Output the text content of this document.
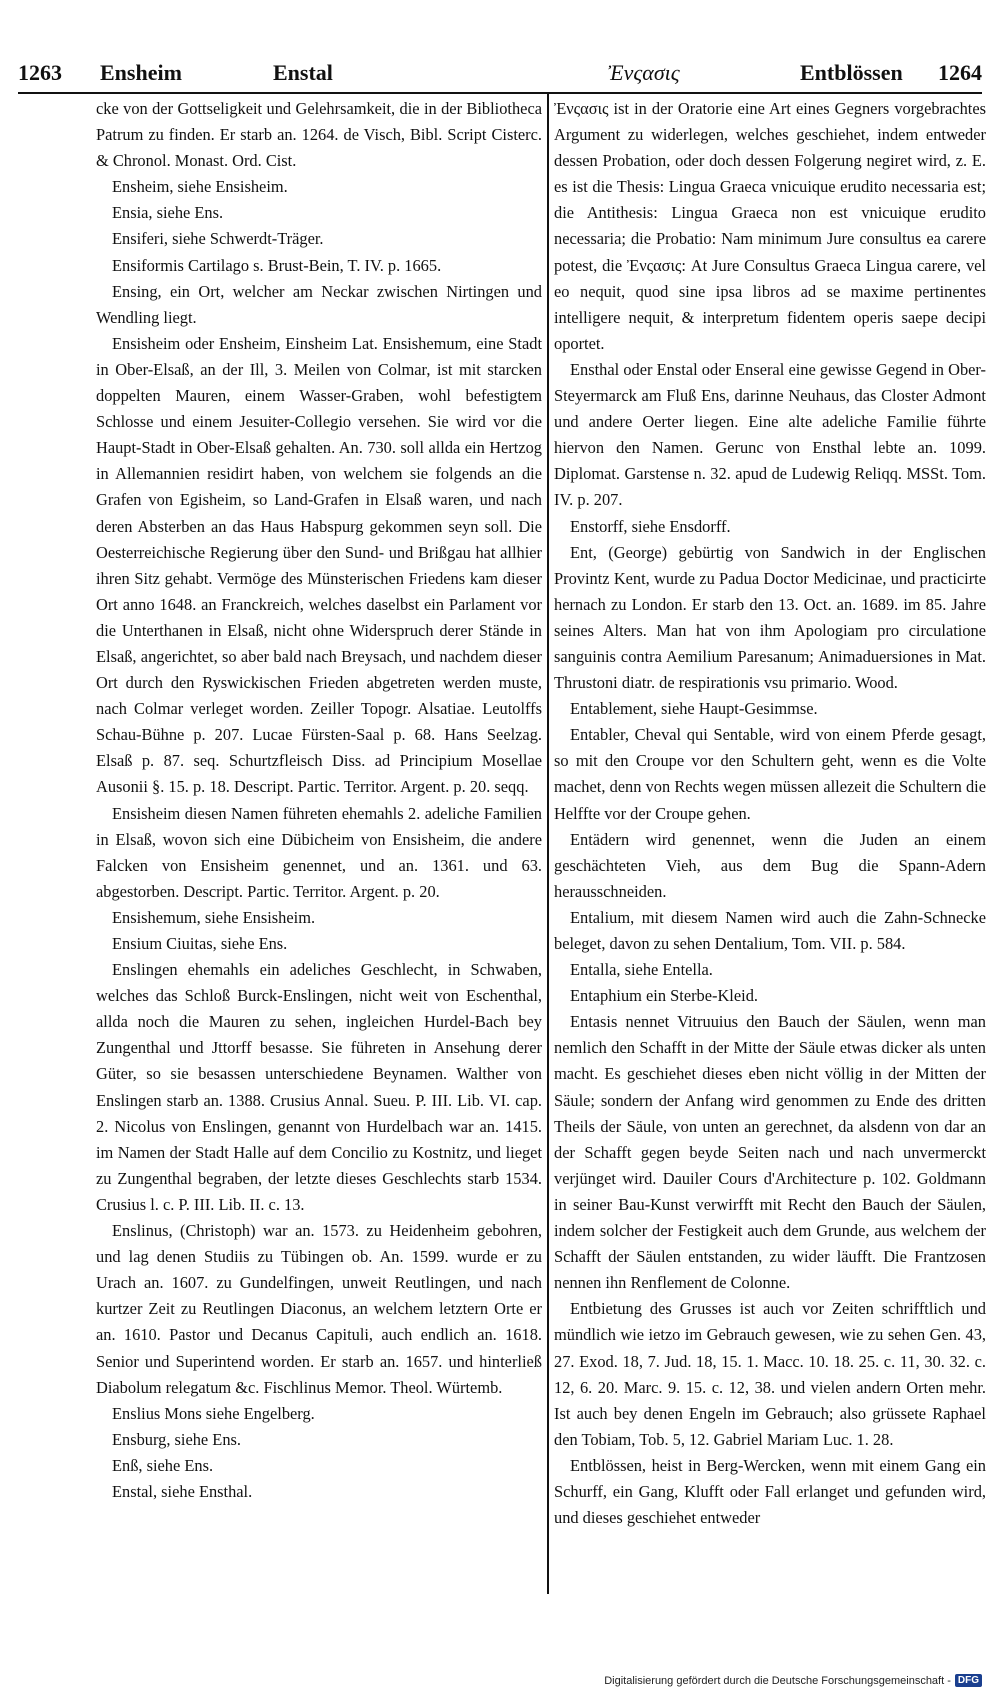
1263 Ensheim	Enstal	Ἐνςασις	Entblössen 1264

cke von der Gottseligkeit und Gelehrsamkeit, die in der Bibliotheca Patrum zu finden. Er starb an. 1264. de Visch, Bibl. Script Cisterc. & Chronol. Monast. Ord. Cist.

Ensheim, siehe Ensisheim.

Ensia, siehe Ens.

Ensiferi, siehe Schwerdt-Träger.

Ensiformis Cartilago s. Brust-Bein, T. IV. p. 1665.

Ensing, ein Ort, welcher am Neckar zwischen Nirtingen und Wendling liegt.

Ensisheim oder Ensheim, Einsheim Lat. Ensishemum, eine Stadt in Ober-Elsaß, an der Ill, 3. Meilen von Colmar, ist mit starcken doppelten Mauren, einem Wasser-Graben, wohl befestigtem Schlosse und einem Jesuiter-Collegio versehen. Sie wird vor die Haupt-Stadt in Ober-Elsaß gehalten. An. 730. soll allda ein Hertzog in Allemannien residirt haben, von welchem sie folgends an die Grafen von Egisheim, so Land-Grafen in Elsaß waren, und nach deren Absterben an das Haus Habspurg gekommen seyn soll. Die Oesterreichische Regierung über den Sund- und Brißgau hat allhier ihren Sitz gehabt. Vermöge des Münsterischen Friedens kam dieser Ort anno 1648. an Franckreich, welches daselbst ein Parlament vor die Unterthanen in Elsaß, nicht ohne Widerspruch derer Stände in Elsaß, angerichtet, so aber bald nach Breysach, und nachdem dieser Ort durch den Ryswickischen Frieden abgetreten werden muste, nach Colmar verleget worden. Zeiller Topogr. Alsatiae. Leutolffs Schau-Bühne p. 207. Lucae Fürsten-Saal p. 68. Hans Seelzag. Elsaß p. 87. seq. Schurtzfleisch Diss. ad Principium Mosellae Ausonii §. 15. p. 18. Descript. Partic. Territor. Argent. p. 20. seqq.

Ensisheim diesen Namen führeten ehemahls 2. adeliche Familien in Elsaß, wovon sich eine Dübicheim von Ensisheim, die andere Falcken von Ensisheim genennet, und an. 1361. und 63. abgestorben. Descript. Partic. Territor. Argent. p. 20.

Ensishemum, siehe Ensisheim.

Ensium Ciuitas, siehe Ens.

Enslingen ehemahls ein adeliches Geschlecht, in Schwaben, welches das Schloß Burck-Enslingen, nicht weit von Eschenthal, allda noch die Mauren zu sehen, ingleichen Hurdel-Bach bey Zungenthal und Jttorff besasse. Sie führeten in Ansehung derer Güter, so sie besassen unterschiedene Beynamen. Walther von Enslingen starb an. 1388. Crusius Annal. Sueu. P. III. Lib. VI. cap. 2. Nicolus von Enslingen, genannt von Hurdelbach war an. 1415. im Namen der Stadt Halle auf dem Concilio zu Kostnitz, und lieget zu Zungenthal begraben, der letzte dieses Geschlechts starb 1534. Crusius l. c. P. III. Lib. II. c. 13.

Enslinus, (Christoph) war an. 1573. zu Heidenheim gebohren, und lag denen Studiis zu Tübingen ob. An. 1599. wurde er zu Urach an. 1607. zu Gundelfingen, unweit Reutlingen, und nach kurtzer Zeit zu Reutlingen Diaconus, an welchem letztern Orte er an. 1610. Pastor und Decanus Capituli, auch endlich an. 1618. Senior und Superintend worden. Er starb an. 1657. und hinterließ Diabolum relegatum &c. Fischlinus Memor. Theol. Würtemb.

Enslius Mons siehe Engelberg.

Ensburg, siehe Ens.

Enß, siehe Ens.

Enstal, siehe Ensthal.

Ἐνςασις ist in der Oratorie eine Art eines Gegners vorgebrachtes Argument zu widerlegen, welches geschiehet, indem entweder dessen Probation, oder doch dessen Folgerung negiret wird, z. E. es ist die Thesis: Lingua Graeca vnicuique erudito necessaria est; die Antithesis: Lingua Graeca non est vnicuique erudito necessaria; die Probatio: Nam minimum Jure consultus ea carere potest, die Ἐνςασις: At Jure Consultus Graeca Lingua carere, vel eo nequit, quod sine ipsa libros ad se maxime pertinentes intelligere nequit, & interpretum fidentem operis saepe decipi oportet.

Ensthal oder Enstal oder Enseral eine gewisse Gegend in Ober-Steyermarck am Fluß Ens, darinne Neuhaus, das Closter Admont und andere Oerter liegen. Eine alte adeliche Familie führte hiervon den Namen. Gerunc von Ensthal lebte an. 1099. Diplomat. Garstense n. 32. apud de Ludewig Reliqq. MSSt. Tom. IV. p. 207.

Enstorff, siehe Ensdorff.

Ent, (George) gebürtig von Sandwich in der Englischen Provintz Kent, wurde zu Padua Doctor Medicinae, und practicirte hernach zu London. Er starb den 13. Oct. an. 1689. im 85. Jahre seines Alters. Man hat von ihm Apologiam pro circulatione sanguinis contra Aemilium Paresanum; Animaduersiones in Mat. Thrustoni diatr. de respirationis vsu primario. Wood.

Entablement, siehe Haupt-Gesimmse.

Entabler, Cheval qui Sentable, wird von einem Pferde gesagt, so mit den Croupe vor den Schultern geht, wenn es die Volte machet, denn von Rechts wegen müssen allezeit die Schultern die Helffte vor der Croupe gehen.

Entädern wird genennet, wenn die Juden an einem geschächteten Vieh, aus dem Bug die Spann-Adern herausschneiden.

Entalium, mit diesem Namen wird auch die Zahn-Schnecke beleget, davon zu sehen Dentalium, Tom. VII. p. 584.

Entalla, siehe Entella.

Entaphium ein Sterbe-Kleid.

Entasis nennet Vitruuius den Bauch der Säulen, wenn man nemlich den Schafft in der Mitte der Säule etwas dicker als unten macht. Es geschiehet dieses eben nicht völlig in der Mitten der Säule; sondern der Anfang wird genommen zu Ende des dritten Theils der Säule, von unten an gerechnet, da alsdenn von dar an der Schafft gegen beyde Seiten nach und nach unvermerckt verjünget wird. Dauiler Cours d'Architecture p. 102. Goldmann in seiner Bau-Kunst verwirfft mit Recht den Bauch der Säulen, indem solcher der Festigkeit auch dem Grunde, aus welchem der Schafft der Säulen entstanden, zu wider läufft. Die Frantzosen nennen ihn Renflement de Colonne.

Entbietung des Grusses ist auch vor Zeiten schrifftlich und mündlich wie ietzo im Gebrauch gewesen, wie zu sehen Gen. 43, 27. Exod. 18, 7. Jud. 18, 15. 1. Macc. 10. 18. 25. c. 11, 30. 32. c. 12, 6. 20. Marc. 9. 15. c. 12, 38. und vielen andern Orten mehr. Ist auch bey denen Engeln im Gebrauch; also grüssete Raphael den Tobiam, Tob. 5, 12. Gabriel Mariam Luc. 1. 28.

Entblössen, heist in Berg-Wercken, wenn mit einem Gang ein Schurff, ein Gang, Klufft oder Fall erlanget und gefunden wird, und dieses geschiehet entweder

Digitalisierung gefördert durch die Deutsche Forschungsgemeinschaft - DFG
